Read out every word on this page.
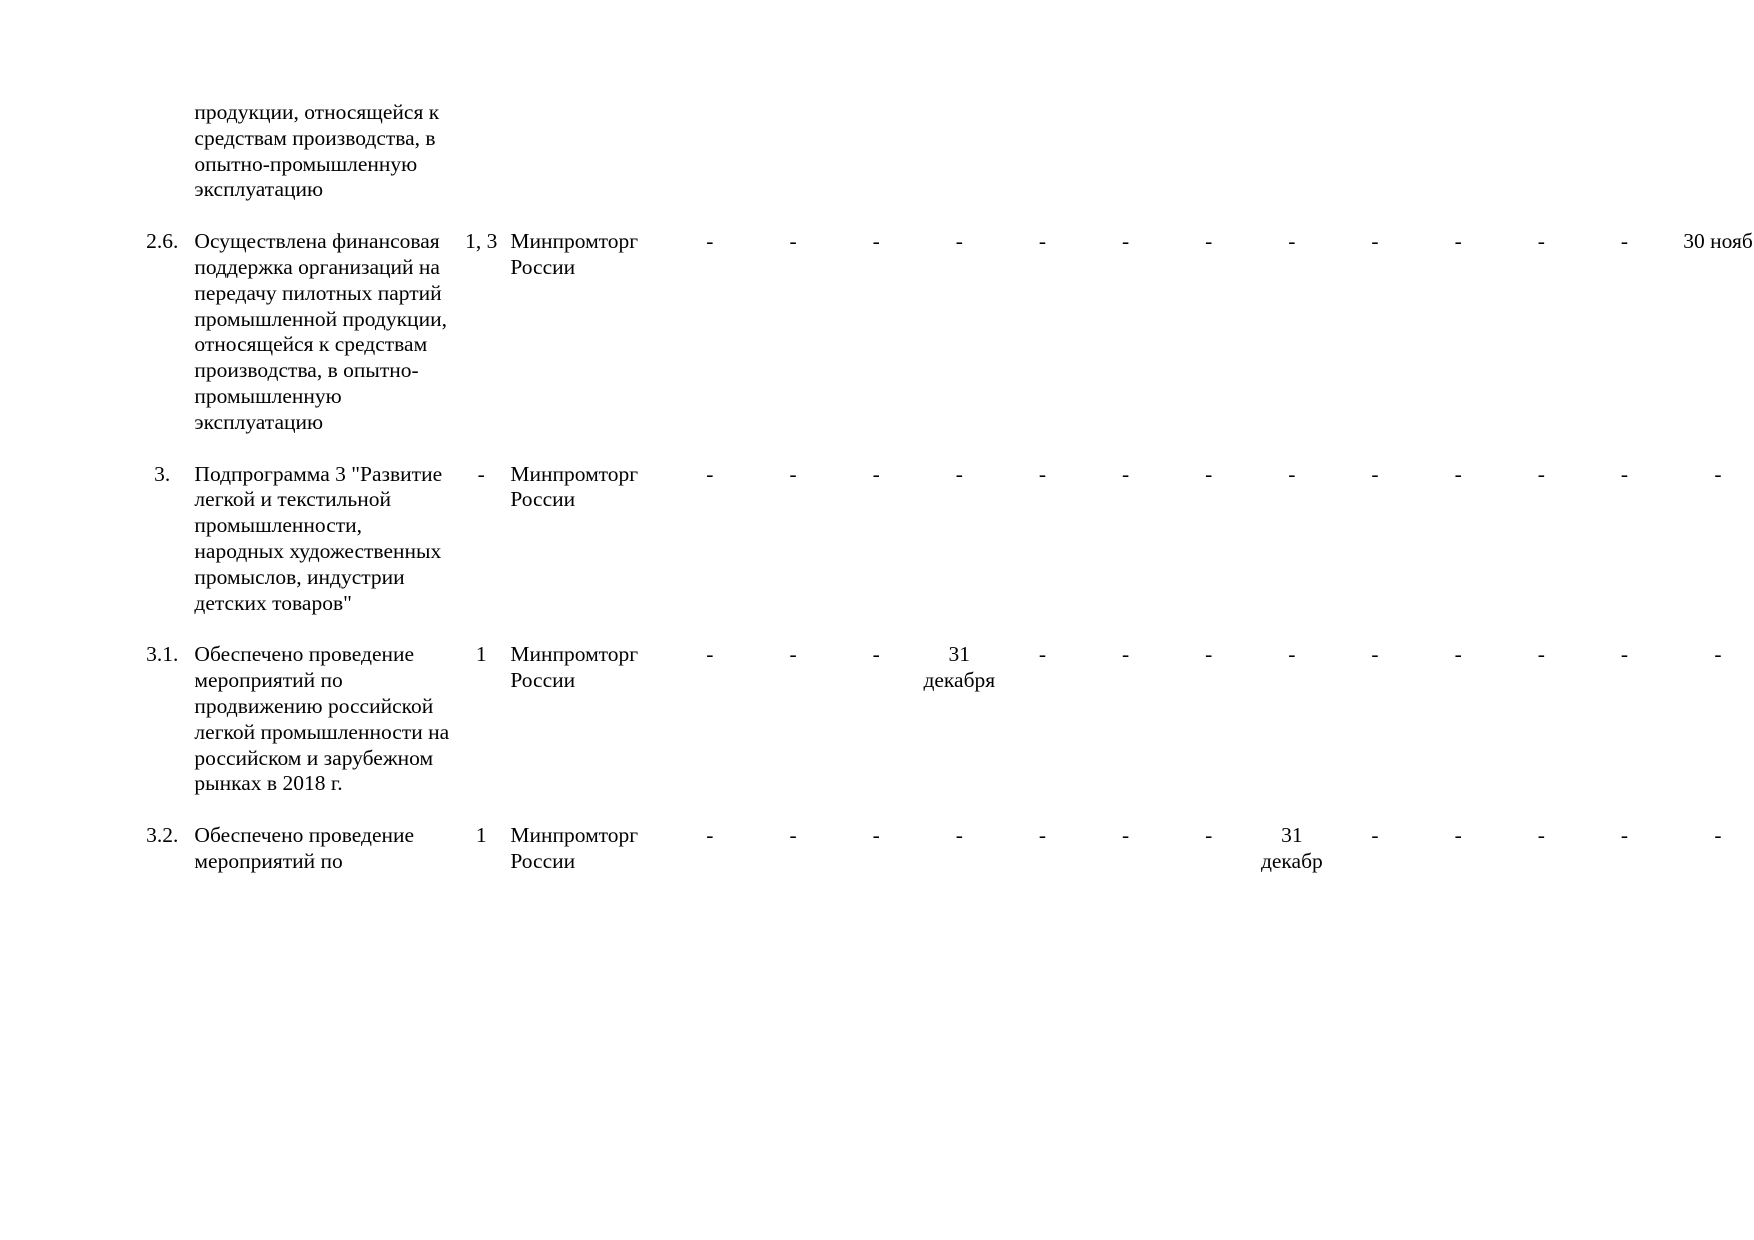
	продукции, относящейся к средствам производства, в опытно-промышленную эксплуатацию															

2.6.	Осуществлена финансовая поддержка организаций на передачу пилотных партий промышленной продукции, относящейся к средствам производства, в опытно-промышленную эксплуатацию	1, 3	Минпромторг России	-	-	-	-	-	-	-	-	-	-	-	-	30 нояб

3.	Подпрограмма 3 "Развитие легкой и текстильной промышленности, народных художественных промыслов, индустрии детских товаров"	-	Минпромторг России	-	-	-	-	-	-	-	-	-	-	-	-	-

3.1.	Обеспечено проведение мероприятий по продвижению российской легкой промышленности на российском и зарубежном рынках в 2018 г.	1	Минпромторг России	-	-	-	31 декабря	-	-	-	-	-	-	-	-	-

3.2.	Обеспечено проведение мероприятий по	1	Минпромторг России	-	-	-	-	-	-	-	31 декабр	-	-	-	-	-
